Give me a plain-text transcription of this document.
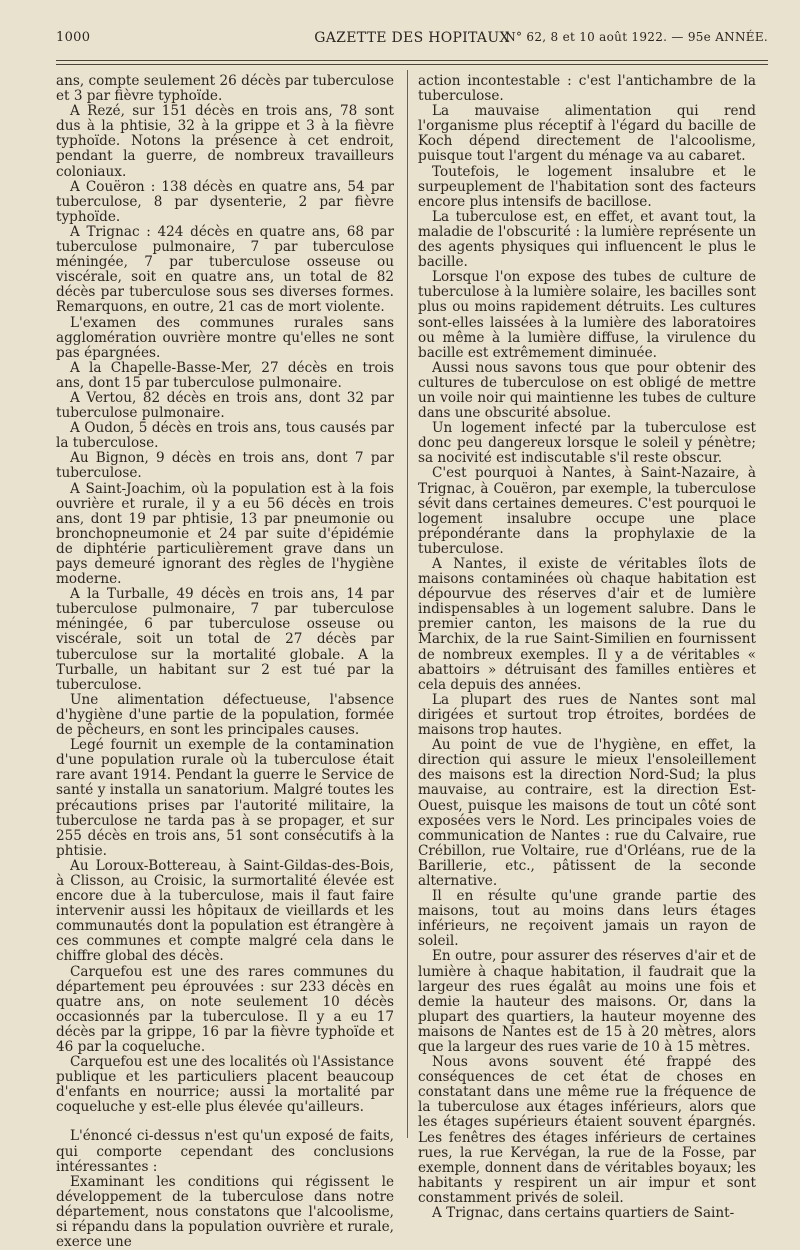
1000	GAZETTE DES HOPITAUX
N° 62, 8 et 10 août 1922. — 95e ANNÉE.

ans, compte seulement 26 décès par tuberculose et 3 par fièvre typhoïde.

A Rezé, sur 151 décès en trois ans, 78 sont dus à la phtisie, 32 à la grippe et 3 à la fièvre typhoïde. Notons la présence à cet endroit, pendant la guerre, de nombreux travailleurs coloniaux.

A Couëron : 138 décès en quatre ans, 54 par tuberculose, 8 par dysenterie, 2 par fièvre typhoïde.

A Trignac : 424 décès en quatre ans, 68 par tuberculose pulmonaire, 7 par tuberculose méningée, 7 par tuberculose osseuse ou viscérale, soit en quatre ans, un total de 82 décès par tuberculose sous ses diverses formes. Remarquons, en outre, 21 cas de mort violente.

L'examen des communes rurales sans agglomération ouvrière montre qu'elles ne sont pas épargnées.

A la Chapelle-Basse-Mer, 27 décès en trois ans, dont 15 par tuberculose pulmonaire.

A Vertou, 82 décès en trois ans, dont 32 par tuberculose pulmonaire.

A Oudon, 5 décès en trois ans, tous causés par la tuberculose.

Au Bignon, 9 décès en trois ans, dont 7 par tuberculose.

A Saint-Joachim, où la population est à la fois ouvrière et rurale, il y a eu 56 décès en trois ans, dont 19 par phtisie, 13 par pneumonie ou bronchopneumonie et 24 par suite d'épidémie de diphtérie particulièrement grave dans un pays demeuré ignorant des règles de l'hygiène moderne.

A la Turballe, 49 décès en trois ans, 14 par tuberculose pulmonaire, 7 par tuberculose méningée, 6 par tuberculose osseuse ou viscérale, soit un total de 27 décès par tuberculose sur la mortalité globale. A la Turballe, un habitant sur 2 est tué par la tuberculose.

Une alimentation défectueuse, l'absence d'hygiène d'une partie de la population, formée de pêcheurs, en sont les principales causes.

Legé fournit un exemple de la contamination d'une population rurale où la tuberculose était rare avant 1914. Pendant la guerre le Service de santé y installa un sanatorium. Malgré toutes les précautions prises par l'autorité militaire, la tuberculose ne tarda pas à se propager, et sur 255 décès en trois ans, 51 sont consécutifs à la phtisie.

Au Loroux-Bottereau, à Saint-Gildas-des-Bois, à Clisson, au Croisic, la surmortalité élevée est encore due à la tuberculose, mais il faut faire intervenir aussi les hôpitaux de vieillards et les communautés dont la population est étrangère à ces communes et compte malgré cela dans le chiffre global des décès.

Carquefou est une des rares communes du département peu éprouvées : sur 233 décès en quatre ans, on note seulement 10 décès occasionnés par la tuberculose. Il y a eu 17 décès par la grippe, 16 par la fièvre typhoïde et 46 par la coqueluche.

Carquefou est une des localités où l'Assistance publique et les particuliers placent beaucoup d'enfants en nourrice; aussi la mortalité par coqueluche y est-elle plus élevée qu'ailleurs.

L'énoncé ci-dessus n'est qu'un exposé de faits, qui comporte cependant des conclusions intéressantes :

Examinant les conditions qui régissent le développement de la tuberculose dans notre département, nous constatons que l'alcoolisme, si répandu dans la population ouvrière et rurale, exerce une

action incontestable : c'est l'antichambre de la tuberculose.

La mauvaise alimentation qui rend l'organisme plus réceptif à l'égard du bacille de Koch dépend directement de l'alcoolisme, puisque tout l'argent du ménage va au cabaret.

Toutefois, le logement insalubre et le surpeuplement de l'habitation sont des facteurs encore plus intensifs de bacillose.

La tuberculose est, en effet, et avant tout, la maladie de l'obscurité : la lumière représente un des agents physiques qui influencent le plus le bacille.

Lorsque l'on expose des tubes de culture de tuberculose à la lumière solaire, les bacilles sont plus ou moins rapidement détruits. Les cultures sont-elles laissées à la lumière des laboratoires ou même à la lumière diffuse, la virulence du bacille est extrêmement diminuée.

Aussi nous savons tous que pour obtenir des cultures de tuberculose on est obligé de mettre un voile noir qui maintienne les tubes de culture dans une obscurité absolue.

Un logement infecté par la tuberculose est donc peu dangereux lorsque le soleil y pénètre; sa nocivité est indiscutable s'il reste obscur.

C'est pourquoi à Nantes, à Saint-Nazaire, à Trignac, à Couëron, par exemple, la tuberculose sévit dans certaines demeures. C'est pourquoi le logement insalubre occupe une place prépondérante dans la prophylaxie de la tuberculose.

A Nantes, il existe de véritables îlots de maisons contaminées où chaque habitation est dépourvue des réserves d'air et de lumière indispensables à un logement salubre. Dans le premier canton, les maisons de la rue du Marchix, de la rue Saint-Similien en fournissent de nombreux exemples. Il y a de véritables « abattoirs » détruisant des familles entières et cela depuis des années.

La plupart des rues de Nantes sont mal dirigées et surtout trop étroites, bordées de maisons trop hautes.

Au point de vue de l'hygiène, en effet, la direction qui assure le mieux l'ensoleillement des maisons est la direction Nord-Sud; la plus mauvaise, au contraire, est la direction Est-Ouest, puisque les maisons de tout un côté sont exposées vers le Nord. Les principales voies de communication de Nantes : rue du Calvaire, rue Crébillon, rue Voltaire, rue d'Orléans, rue de la Barillerie, etc., pâtissent de la seconde alternative.

Il en résulte qu'une grande partie des maisons, tout au moins dans leurs étages inférieurs, ne reçoivent jamais un rayon de soleil.

En outre, pour assurer des réserves d'air et de lumière à chaque habitation, il faudrait que la largeur des rues égalât au moins une fois et demie la hauteur des maisons. Or, dans la plupart des quartiers, la hauteur moyenne des maisons de Nantes est de 15 à 20 mètres, alors que la largeur des rues varie de 10 à 15 mètres.

Nous avons souvent été frappé des conséquences de cet état de choses en constatant dans une même rue la fréquence de la tuberculose aux étages inférieurs, alors que les étages supérieurs étaient souvent épargnés. Les fenêtres des étages inférieurs de certaines rues, la rue Kervégan, la rue de la Fosse, par exemple, donnent dans de véritables boyaux; les habitants y respirent un air impur et sont constamment privés de soleil.

A Trignac, dans certains quartiers de Saint-
